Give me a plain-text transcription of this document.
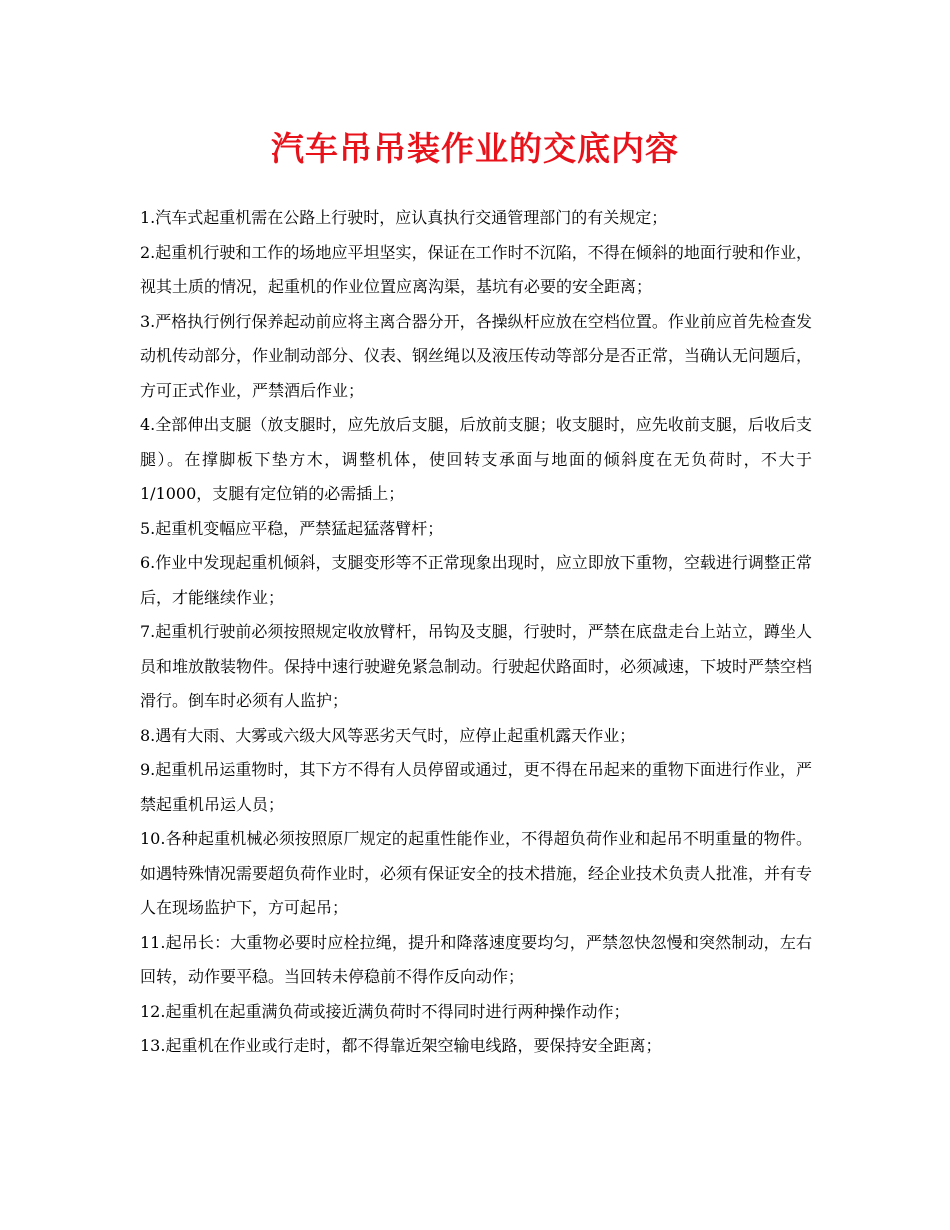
汽车吊吊装作业的交底内容

1.汽车式起重机需在公路上行驶时，应认真执行交通管理部门的有关规定；

2.起重机行驶和工作的场地应平坦坚实，保证在工作时不沉陷，不得在倾斜的地面行驶和作业，视其土质的情况，起重机的作业位置应离沟渠，基坑有必要的安全距离；

3.严格执行例行保养起动前应将主离合器分开，各操纵杆应放在空档位置。作业前应首先检查发动机传动部分，作业制动部分、仪表、钢丝绳以及液压传动等部分是否正常，当确认无问题后，方可正式作业，严禁酒后作业；

4.全部伸出支腿（放支腿时，应先放后支腿，后放前支腿；收支腿时，应先收前支腿，后收后支腿）。在撑脚板下垫方木，调整机体，使回转支承面与地面的倾斜度在无负荷时，不大于1/1000，支腿有定位销的必需插上；

5.起重机变幅应平稳，严禁猛起猛落臂杆；

6.作业中发现起重机倾斜，支腿变形等不正常现象出现时，应立即放下重物，空载进行调整正常后，才能继续作业；

7.起重机行驶前必须按照规定收放臂杆，吊钩及支腿，行驶时，严禁在底盘走台上站立，蹲坐人员和堆放散装物件。保持中速行驶避免紧急制动。行驶起伏路面时，必须减速，下坡时严禁空档滑行。倒车时必须有人监护；

8.遇有大雨、大雾或六级大风等恶劣天气时，应停止起重机露天作业；

9.起重机吊运重物时，其下方不得有人员停留或通过，更不得在吊起来的重物下面进行作业，严禁起重机吊运人员；

10.各种起重机械必须按照原厂规定的起重性能作业，不得超负荷作业和起吊不明重量的物件。如遇特殊情况需要超负荷作业时，必须有保证安全的技术措施，经企业技术负责人批准，并有专人在现场监护下，方可起吊；

11.起吊长：大重物必要时应栓拉绳，提升和降落速度要均匀，严禁忽快忽慢和突然制动，左右回转，动作要平稳。当回转未停稳前不得作反向动作；

12.起重机在起重满负荷或接近满负荷时不得同时进行两种操作动作；

13.起重机在作业或行走时，都不得靠近架空输电线路，要保持安全距离；
